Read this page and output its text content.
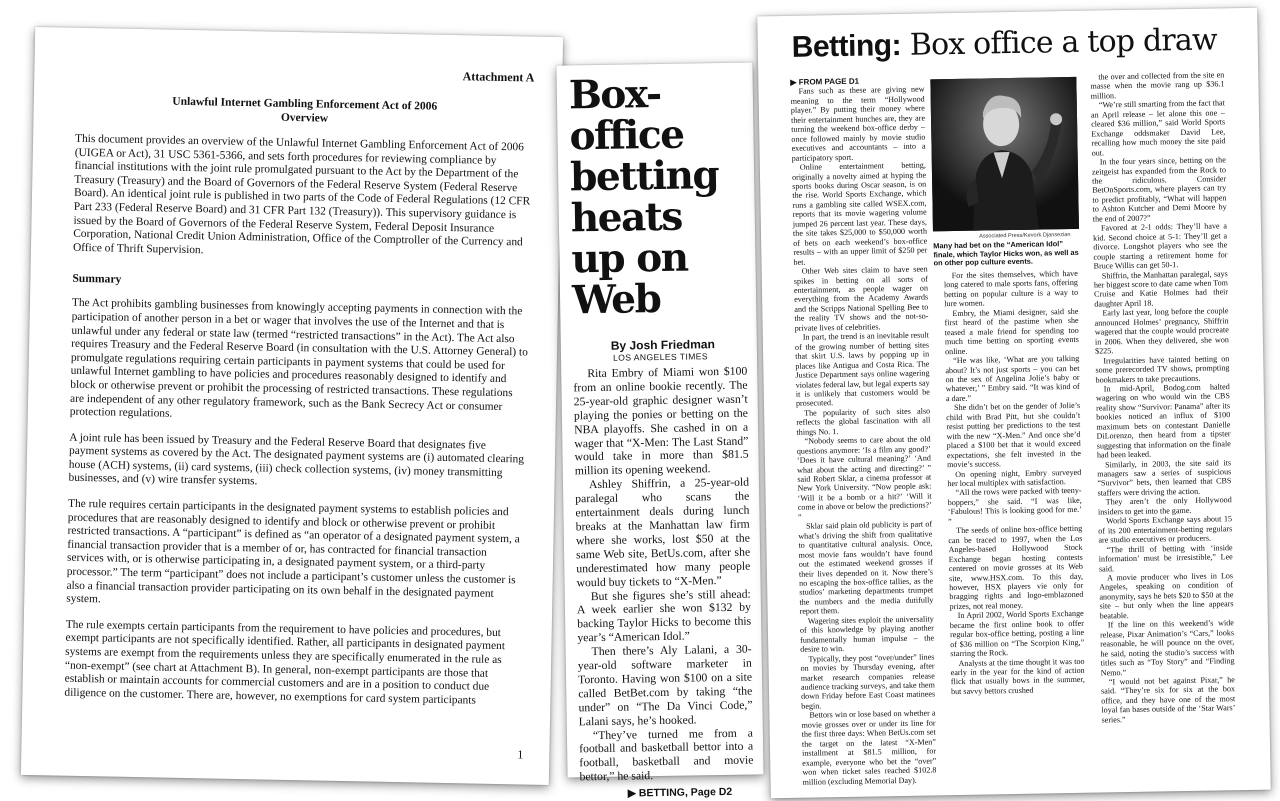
Attachment A
Unlawful Internet Gambling Enforcement Act of 2006
Overview

This document provides an overview of the Unlawful Internet Gambling Enforcement Act of 2006 (UIGEA or Act), 31 USC 5361-5366, and sets forth procedures for reviewing compliance by financial institutions with the joint rule promulgated pursuant to the Act by the Department of the Treasury (Treasury) and the Board of Governors of the Federal Reserve System (Federal Reserve Board). An identical joint rule is published in two parts of the Code of Federal Regulations (12 CFR Part 233 (Federal Reserve Board) and 31 CFR Part 132 (Treasury)). This supervisory guidance is issued by the Board of Governors of the Federal Reserve System, Federal Deposit Insurance Corporation, National Credit Union Administration, Office of the Comptroller of the Currency and Office of Thrift Supervision.

Summary

The Act prohibits gambling businesses from knowingly accepting payments in connection with the participation of another person in a bet or wager that involves the use of the Internet and that is unlawful under any federal or state law (termed “restricted transactions” in the Act). The Act also requires Treasury and the Federal Reserve Board (in consultation with the U.S. Attorney General) to promulgate regulations requiring certain participants in payment systems that could be used for unlawful Internet gambling to have policies and procedures reasonably designed to identify and block or otherwise prevent or prohibit the processing of restricted transactions. These regulations are independent of any other regulatory framework, such as the Bank Secrecy Act or consumer protection regulations.

A joint rule has been issued by Treasury and the Federal Reserve Board that designates five payment systems as covered by the Act. The designated payment systems are (i) automated clearing house (ACH) systems, (ii) card systems, (iii) check collection systems, (iv) money transmitting businesses, and (v) wire transfer systems.

The rule requires certain participants in the designated payment systems to establish policies and procedures that are reasonably designed to identify and block or otherwise prevent or prohibit restricted transactions. A “participant” is defined as “an operator of a designated payment system, a financial transaction provider that is a member of or, has contracted for financial transaction services with, or is otherwise participating in, a designated payment system, or a third-party processor.” The term “participant” does not include a participant’s customer unless the customer is also a financial transaction provider participating on its own behalf in the designated payment system.

The rule exempts certain participants from the requirement to have policies and procedures, but exempt participants are not specifically identified. Rather, all participants in designated payment systems are exempt from the requirements unless they are specifically enumerated in the rule as “non-exempt” (see chart at Attachment B). In general, non-exempt participants are those that establish or maintain accounts for commercial customers and are in a position to conduct due diligence on the customer. There are, however, no exemptions for card system participants

1
Box-office betting heats up on Web
By Josh Friedman
LOS ANGELES TIMES

Rita Embry of Miami won $100 from an online bookie recently. The 25-year-old graphic designer wasn’t playing the ponies or betting on the NBA playoffs. She cashed in on a wager that “X-Men: The Last Stand” would take in more than $81.5 million its opening weekend.

Ashley Shiffrin, a 25-year-old paralegal who scans the entertainment deals during lunch breaks at the Manhattan law firm where she works, lost $50 at the same Web site, BetUs.com, after she underestimated how many people would buy tickets to “X-Men.”

But she figures she’s still ahead: A week earlier she won $132 by backing Taylor Hicks to become this year’s “American Idol.”

Then there’s Aly Lalani, a 30-year-old software marketer in Toronto. Having won $100 on a site called BetBet.com by taking “the under” on “The Da Vinci Code,” Lalani says, he’s hooked.

“They’ve turned me from a football and basketball bettor into a football, basketball and movie bettor,” he said.

▶ BETTING, Page D2
Betting: Box office a top draw

▶ FROM PAGE D1

Fans such as these are giving new meaning to the term “Hollywood player.” By putting their money where their entertainment hunches are, they are turning the weekend box-office derby – once followed mainly by movie studio executives and accountants – into a participatory sport.

Online entertainment betting, originally a novelty aimed at hyping the sports books during Oscar season, is on the rise. World Sports Exchange, which runs a gambling site called WSEX.com, reports that its movie wagering volume jumped 26 percent last year. These days, the site takes $25,000 to $50,000 worth of bets on each weekend’s box-office results – with an upper limit of $250 per bet.

Other Web sites claim to have seen spikes in betting on all sorts of entertainment, as people wager on everything from the Academy Awards and the Scripps National Spelling Bee to the reality TV shows and the not-so-private lives of celebrities.

In part, the trend is an inevitable result of the growing number of betting sites that skirt U.S. laws by popping up in places like Antigua and Costa Rica. The Justice Department says online wagering violates federal law, but legal experts say it is unlikely that customers would be prosecuted.

The popularity of such sites also reflects the global fascination with all things No. 1.

“Nobody seems to care about the old questions anymore: ‘Is a film any good?’ ‘Does it have cultural meaning?’ ‘And what about the acting and directing?’ ” said Robert Sklar, a cinema professor at New York University. “Now people ask: ‘Will it be a bomb or a hit?’ ‘Will it come in above or below the predictions?’ ”

Sklar said plain old publicity is part of what’s driving the shift from qualitative to quantitative cultural analysis. Once, most movie fans wouldn’t have found out the estimated weekend grosses if their lives depended on it. Now there’s no escaping the box-office tallies, as the studios’ marketing departments trumpet the numbers and the media dutifully report them.

Wagering sites exploit the universality of this knowledge by playing another fundamentally human impulse – the desire to win.

Typically, they post “over/under” lines on movies by Thursday evening, after market research companies release audience tracking surveys, and take them down Friday before East Coast matinees begin.

Bettors win or lose based on whether a movie grosses over or under its line for the first three days: When BetUs.com set the target on the latest “X-Men” installment at $81.5 million, for example, everyone who bet the “over” won when ticket sales reached $102.8 million (excluding Memorial Day).

Associated Press/Kevork Djansezian
Many had bet on the “American Idol” finale, which Taylor Hicks won, as well as on other pop culture events.

For the sites themselves, which have long catered to male sports fans, offering betting on popular culture is a way to lure women.

Embry, the Miami designer, said she first heard of the pastime when she teased a male friend for spending too much time betting on sporting events online.

“He was like, ‘What are you talking about? It’s not just sports – you can bet on the sex of Angelina Jolie’s baby or whatever,’ ” Embry said. “It was kind of a dare.”

She didn’t bet on the gender of Jolie’s child with Brad Pitt, but she couldn’t resist putting her predictions to the test with the new “X-Men.” And once she’d placed a $100 bet that it would exceed expectations, she felt invested in the movie’s success.

On opening night, Embry surveyed her local multiplex with satisfaction.

“All the rows were packed with teeny-boppers,” she said. “I was like, ‘Fabulous! This is looking good for me.’ ”

The seeds of online box-office betting can be traced to 1997, when the Los Angeles-based Hollywood Stock Exchange began hosting contests centered on movie grosses at its Web site, www.HSX.com. To this day, however, HSX players vie only for bragging rights and logo-emblazoned prizes, not real money.

In April 2002, World Sports Exchange became the first online book to offer regular box-office betting, posting a line of $36 million on “The Scorpion King,” starring the Rock.

Analysts at the time thought it was too early in the year for the kind of action flick that usually bows in the summer, but savvy bettors crushed

the over and collected from the site en masse when the movie rang up $36.1 million.

“We’re still smarting from the fact that an April release – let alone this one – cleared $36 million,” said World Sports Exchange oddsmaker David Lee, recalling how much money the site paid out.

In the four years since, betting on the zeitgeist has expanded from the Rock to the ridiculous. Consider BetOnSports.com, where players can try to predict profitably, “What will happen to Ashton Kutcher and Demi Moore by the end of 2007?”

Favored at 2-1 odds: They’ll have a kid. Second choice at 5-1: They’ll get a divorce. Longshot players who see the couple starting a retirement home for Bruce Willis can get 50-1.

Shiffrin, the Manhattan paralegal, says her biggest score to date came when Tom Cruise and Katie Holmes had their daughter April 18.

Early last year, long before the couple announced Holmes’ pregnancy, Shiffrin wagered that the couple would procreate in 2006. When they delivered, she won $225.

Irregularities have tainted betting on some prerecorded TV shows, prompting bookmakers to take precautions.

In mid-April, Bodog.com halted wagering on who would win the CBS reality show “Survivor: Panama” after its bookies noticed an influx of $100 maximum bets on contestant Danielle DiLorenzo, then heard from a tipster suggesting that information on the finale had been leaked.

Similarly, in 2003, the site said its managers saw a series of suspicious “Survivor” bets, then learned that CBS staffers were driving the action.

They aren’t the only Hollywood insiders to get into the game.

World Sports Exchange says about 15 of its 200 entertainment-betting regulars are studio executives or producers.

“The thrill of betting with ‘inside information’ must be irresistible,” Lee said.

A movie producer who lives in Los Angeles, speaking on condition of anonymity, says he bets $20 to $50 at the site – but only when the line appears beatable.

If the line on this weekend’s wide release, Pixar Animation’s “Cars,” looks reasonable, he will pounce on the over, he said, noting the studio’s success with titles such as “Toy Story” and “Finding Nemo.”

“I would not bet against Pixar,” he said. “They’re six for six at the box office, and they have one of the most loyal fan bases outside of the ‘Star Wars’ series.”
